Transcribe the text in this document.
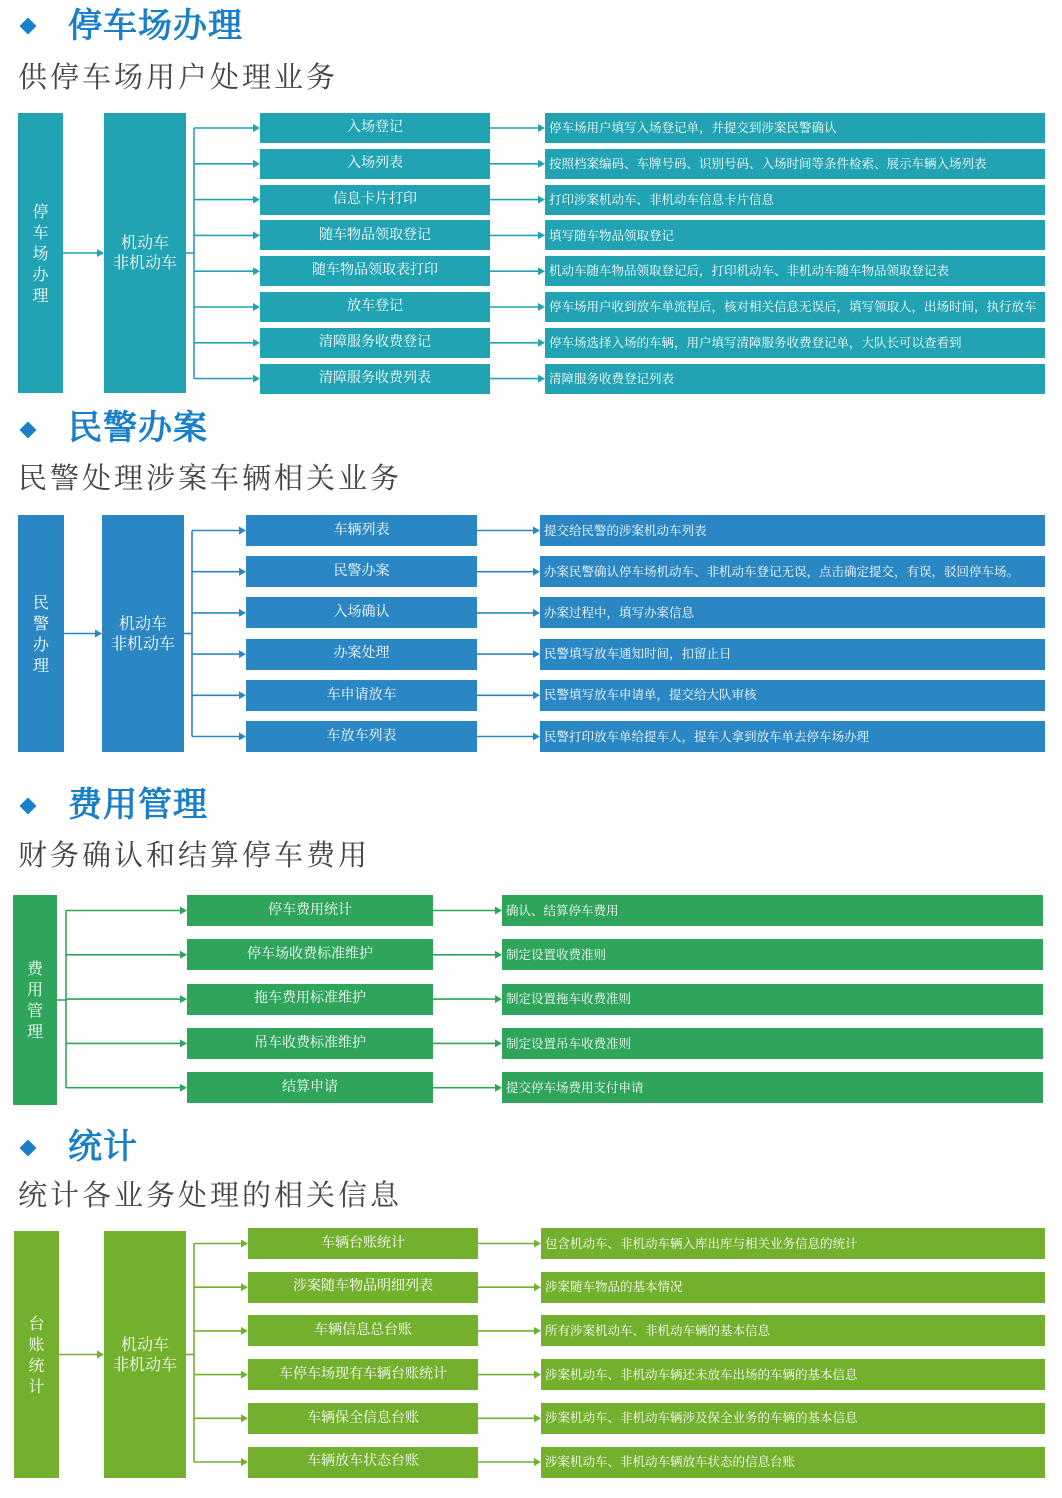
停车场办理
供停车场用户处理业务
停车场办理
机动车
非机动车
入场登记	停车场用户填写入场登记单，并提交到涉案民警确认
入场列表	按照档案编码、车牌号码、识别号码、入场时间等条件检索、展示车辆入场列表
信息卡片打印	打印涉案机动车、非机动车信息卡片信息
随车物品领取登记	填写随车物品领取登记
随车物品领取表打印	机动车随车物品领取登记后，打印机动车、非机动车随车物品领取登记表
放车登记	停车场用户收到放车单流程后，核对相关信息无误后，填写领取人，出场时间，执行放车
清障服务收费登记	停车场选择入场的车辆，用户填写清障服务收费登记单，大队长可以查看到
清障服务收费列表	清障服务收费登记列表
民警办案
民警处理涉案车辆相关业务
民警办理
机动车
非机动车
车辆列表	提交给民警的涉案机动车列表
民警办案	办案民警确认停车场机动车、非机动车登记无误，点击确定提交，有误，驳回停车场。
入场确认	办案过程中，填写办案信息
办案处理	民警填写放车通知时间，扣留止日
车申请放车	民警填写放车申请单，提交给大队审核
车放车列表	民警打印放车单给提车人，提车人拿到放车单去停车场办理
费用管理
财务确认和结算停车费用
费用管理
停车费用统计	确认、结算停车费用
停车场收费标准维护	制定设置收费准则
拖车费用标准维护	制定设置拖车收费准则
吊车收费标准维护	制定设置吊车收费准则
结算申请	提交停车场费用支付申请
统计
统计各业务处理的相关信息
台账统计
机动车
非机动车
车辆台账统计	包含机动车、非机动车辆入库出库与相关业务信息的统计
涉案随车物品明细列表	涉案随车物品的基本情况
车辆信息总台账	所有涉案机动车、非机动车辆的基本信息
车停车场现有车辆台账统计	涉案机动车、非机动车辆还未放车出场的车辆的基本信息
车辆保全信息台账	涉案机动车、非机动车辆涉及保全业务的车辆的基本信息
车辆放车状态台账	涉案机动车、非机动车辆放车状态的信息台账
